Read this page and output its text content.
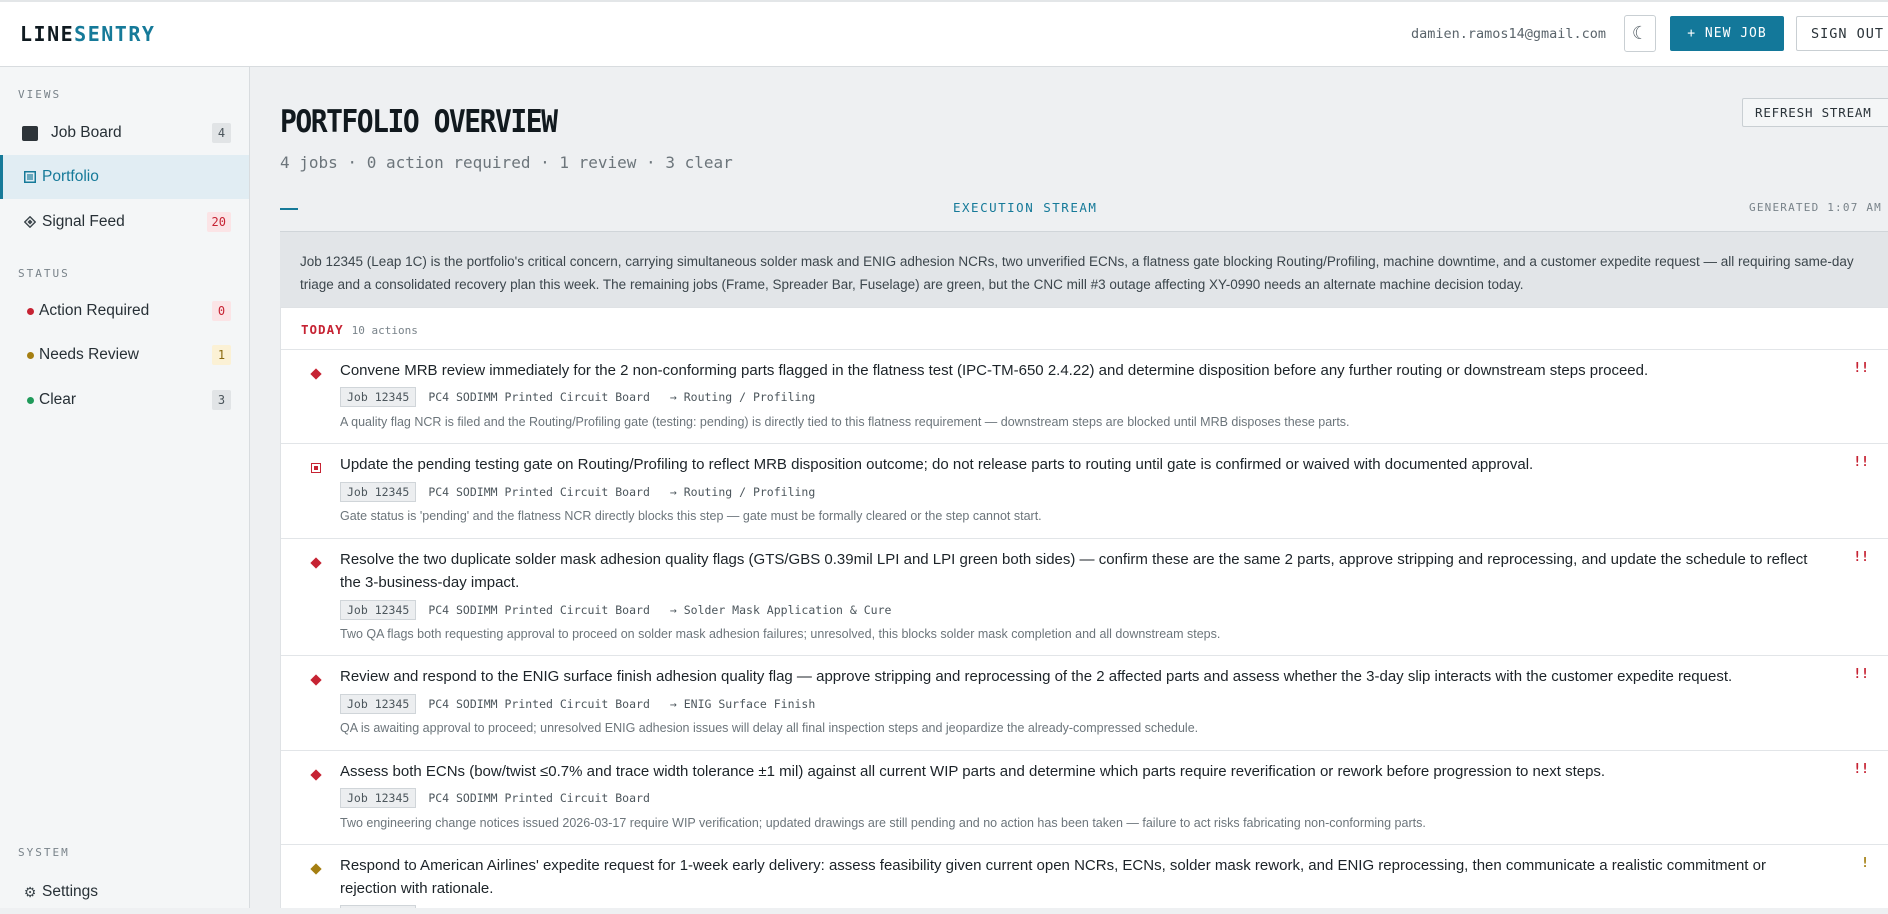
LINESENTRY	damien.ramos14@gmail.com ☾	+ NEW JOB	SIGN OUT
VIEWS
Job Board	4
Portfolio
Signal Feed	20
STATUS
Action Required	0
Needs Review	1
Clear	3
SYSTEM
⚙ Settings
PORTFOLIO OVERVIEW
4 jobs · 0 action required · 1 review · 3 clear
REFRESH STREAM
EXECUTION STREAM	GENERATED 1:07 AM
Job 12345 (Leap 1C) is the portfolio's critical concern, carrying simultaneous solder mask and ENIG adhesion NCRs, two unverified ECNs, a flatness gate blocking Routing/Profiling, machine downtime, and a customer expedite request — all requiring same-day triage and a consolidated recovery plan this week. The remaining jobs (Frame, Spreader Bar, Fuselage) are green, but the CNC mill #3 outage affecting XY-0990 needs an alternate machine decision today.
TODAY 10 actions
Convene MRB review immediately for the 2 non-conforming parts flagged in the flatness test (IPC-TM-650 2.4.22) and determine disposition before any further routing or downstream steps proceed.	!!
Job 12345	PC4 SODIMM Printed Circuit Board → Routing / Profiling
A quality flag NCR is filed and the Routing/Profiling gate (testing: pending) is directly tied to this flatness requirement — downstream steps are blocked until MRB disposes these parts.
Update the pending testing gate on Routing/Profiling to reflect MRB disposition outcome; do not release parts to routing until gate is confirmed or waived with documented approval.	!!
Job 12345	PC4 SODIMM Printed Circuit Board → Routing / Profiling
Gate status is 'pending' and the flatness NCR directly blocks this step — gate must be formally cleared or the step cannot start.
Resolve the two duplicate solder mask adhesion quality flags (GTS/GBS 0.39mil LPI and LPI green both sides) — confirm these are the same 2 parts, approve stripping and reprocessing, and update the schedule to reflect the 3-business-day impact.
!!
Job 12345	PC4 SODIMM Printed Circuit Board → Solder Mask Application & Cure
Two QA flags both requesting approval to proceed on solder mask adhesion failures; unresolved, this blocks solder mask completion and all downstream steps.
Review and respond to the ENIG surface finish adhesion quality flag — approve stripping and reprocessing of the 2 affected parts and assess whether the 3-day slip interacts with the customer expedite request.	!!
Job 12345	PC4 SODIMM Printed Circuit Board → ENIG Surface Finish
QA is awaiting approval to proceed; unresolved ENIG adhesion issues will delay all final inspection steps and jeopardize the already-compressed schedule.
Assess both ECNs (bow/twist ≤0.7% and trace width tolerance ±1 mil) against all current WIP parts and determine which parts require reverification or rework before progression to next steps.	!!
Job 12345	PC4 SODIMM Printed Circuit Board
Two engineering change notices issued 2026-03-17 require WIP verification; updated drawings are still pending and no action has been taken — failure to act risks fabricating non-conforming parts.
Respond to American Airlines' expedite request for 1-week early delivery: assess feasibility given current open NCRs, ECNs, solder mask rework, and ENIG reprocessing, then communicate a realistic commitment or rejection with rationale.
!
